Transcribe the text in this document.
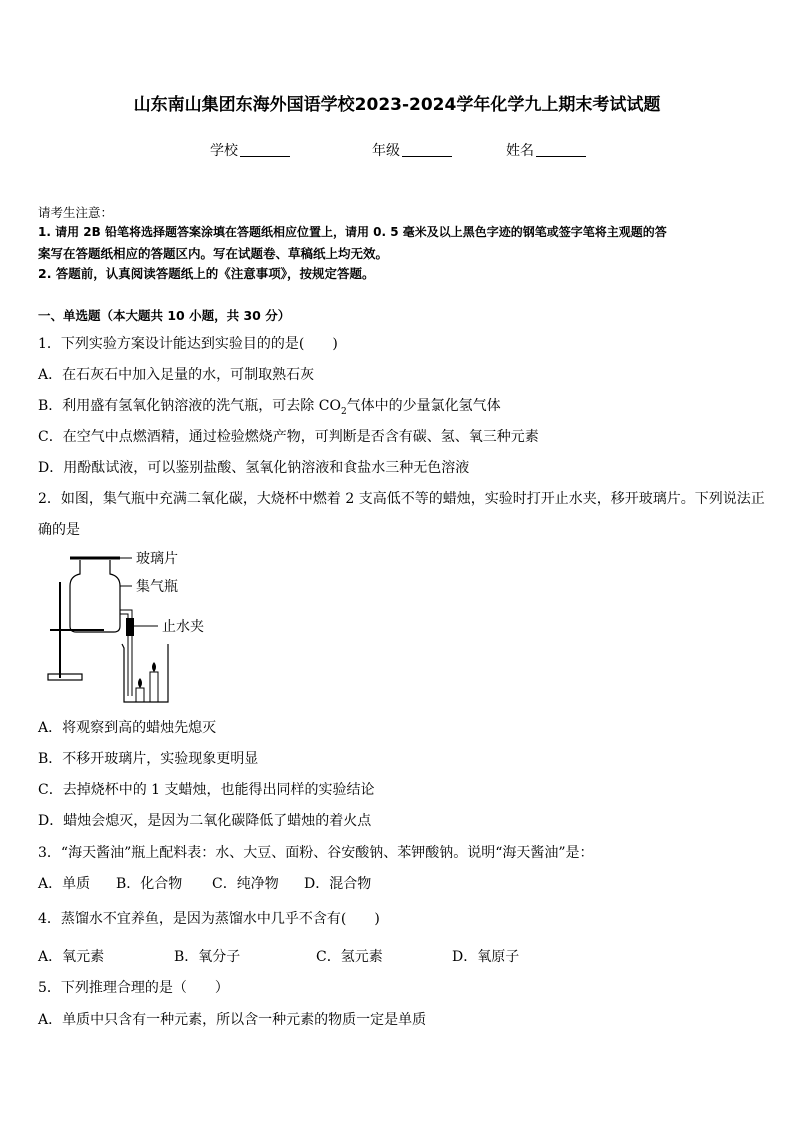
山东南山集团东海外国语学校2023-2024学年化学九上期末考试试题
学校	年级	姓名
请考生注意：
1. 请用 2B 铅笔将选择题答案涂填在答题纸相应位置上，请用 0. 5 毫米及以上黑色字迹的钢笔或签字笔将主观题的答
案写在答题纸相应的答题区内。写在试题卷、草稿纸上均无效。
2. 答题前，认真阅读答题纸上的《注意事项》，按规定答题。
一、单选题（本大题共 10 小题，共 30 分）
1．下列实验方案设计能达到实验目的的是(　　)
A．在石灰石中加入足量的水，可制取熟石灰
B．利用盛有氢氧化钠溶液的洗气瓶，可去除 $CO_2$气体中的少量氯化氢气体
C．在空气中点燃酒精，通过检验燃烧产物，可判断是否含有碳、氢、氧三种元素
D．用酚酞试液，可以鉴别盐酸、氢氧化钠溶液和食盐水三种无色溶液
2．如图，集气瓶中充满二氧化碳，大烧杯中燃着 2 支高低不等的蜡烛，实验时打开止水夹，移开玻璃片。下列说法正
确的是
玻璃片
集气瓶
止水夹
A．将观察到高的蜡烛先熄灭
B．不移开玻璃片，实验现象更明显
C．去掉烧杯中的 1 支蜡烛，也能得出同样的实验结论
D．蜡烛会熄灭，是因为二氧化碳降低了蜡烛的着火点
3．“海天酱油”瓶上配料表：水、大豆、面粉、谷安酸钠、苯钾酸钠。说明“海天酱油”是：
A．单质 B．化合物 C．纯净物 D．混合物
4．蒸馏水不宜养鱼，是因为蒸馏水中几乎不含有(　　)
A．氧元素	B．氧分子	C．氢元素	D．氧原子
5．下列推理合理的是（　　）
A．单质中只含有一种元素，所以含一种元素的物质一定是单质
